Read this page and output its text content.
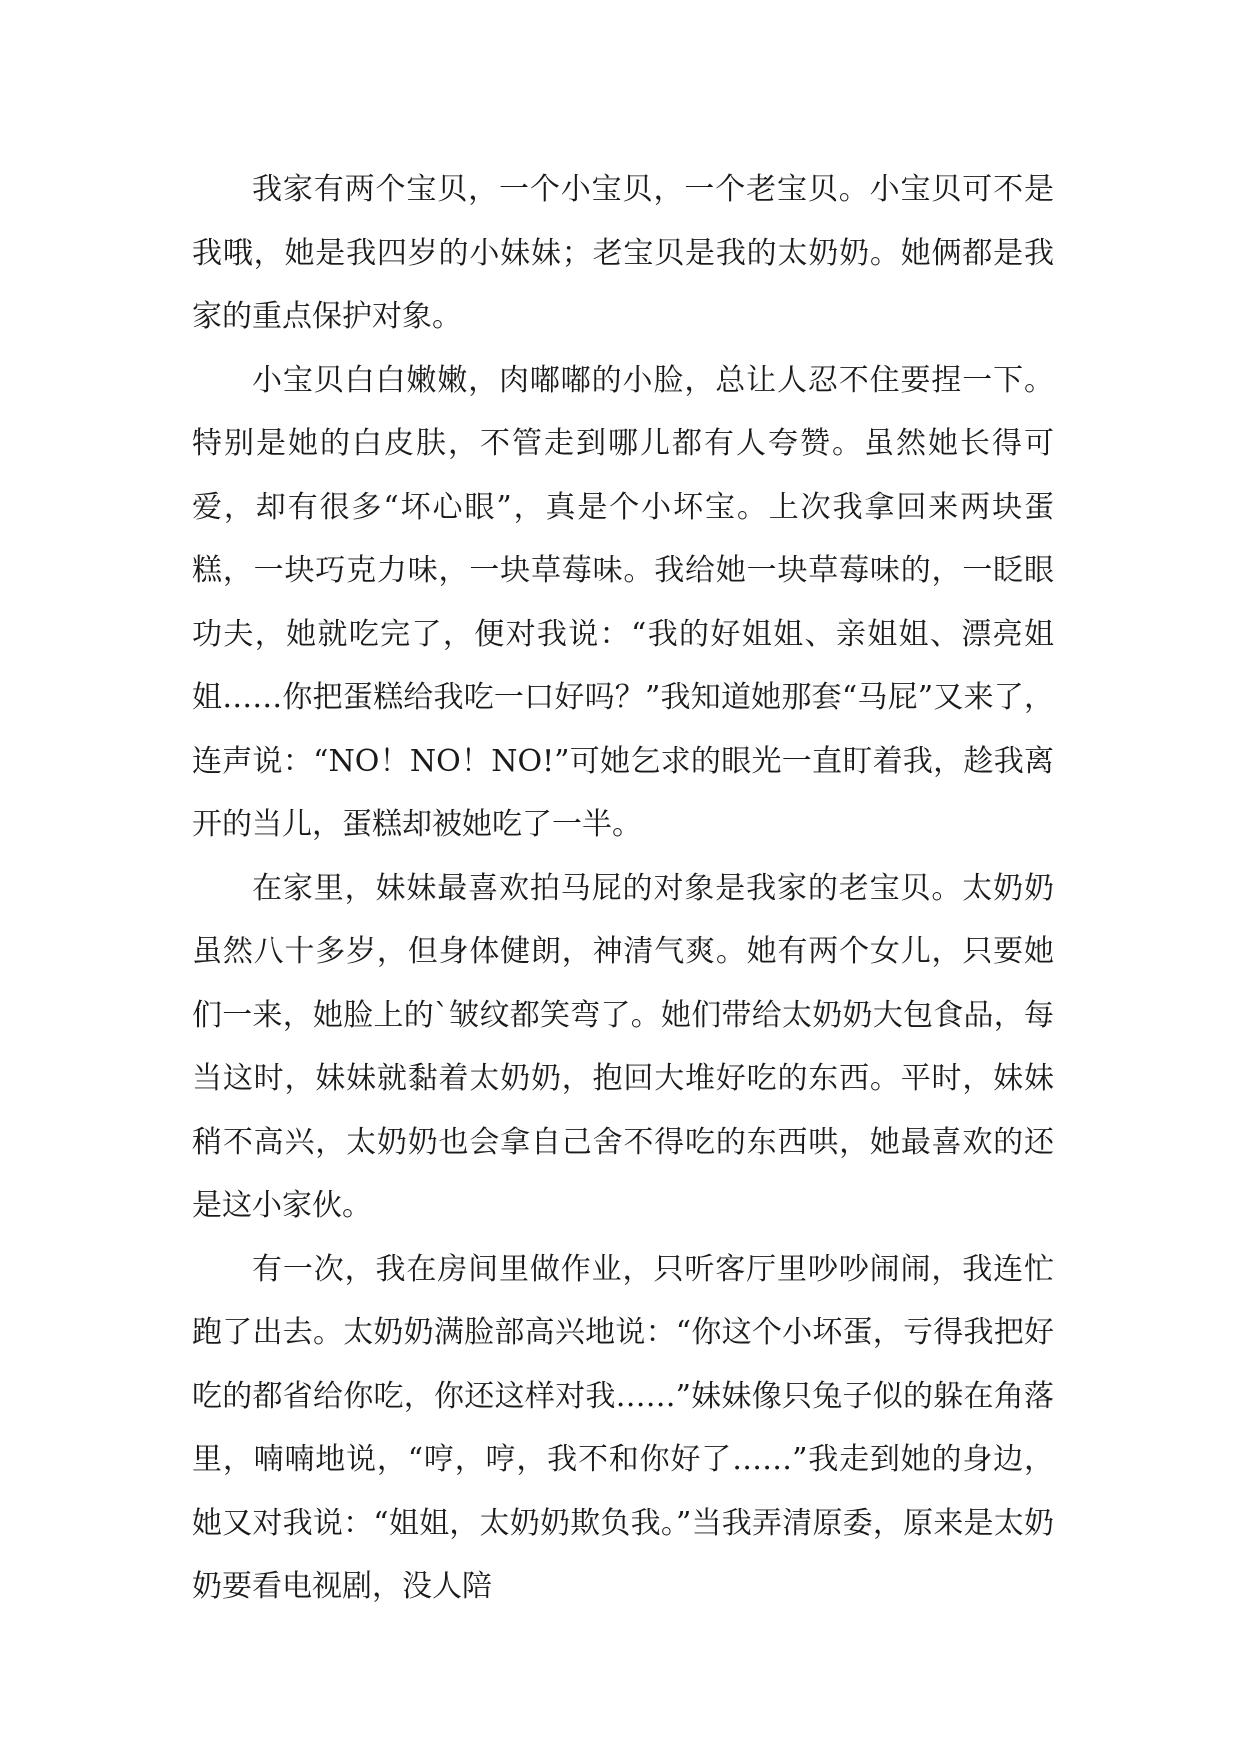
我家有两个宝贝，一个小宝贝，一个老宝贝。小宝贝可不是我哦，她是我四岁的小妹妹；老宝贝是我的太奶奶。她俩都是我家的重点保护对象。

小宝贝白白嫩嫩，肉嘟嘟的小脸，总让人忍不住要捏一下。特别是她的白皮肤，不管走到哪儿都有人夸赞。虽然她长得可爱，却有很多“坏心眼”，真是个小坏宝。上次我拿回来两块蛋糕，一块巧克力味，一块草莓味。我给她一块草莓味的，一眨眼功夫，她就吃完了，便对我说：“我的好姐姐、亲姐姐、漂亮姐姐……你把蛋糕给我吃一口好吗？”我知道她那套“马屁”又来了，连声说：“NO！NO！NO!”可她乞求的眼光一直盯着我，趁我离开的当儿，蛋糕却被她吃了一半。

在家里，妹妹最喜欢拍马屁的对象是我家的老宝贝。太奶奶虽然八十多岁，但身体健朗，神清气爽。她有两个女儿，只要她们一来，她脸上的`皱纹都笑弯了。她们带给太奶奶大包食品，每当这时，妹妹就黏着太奶奶，抱回大堆好吃的东西。平时，妹妹稍不高兴，太奶奶也会拿自己舍不得吃的东西哄，她最喜欢的还是这小家伙。

有一次，我在房间里做作业，只听客厅里吵吵闹闹，我连忙跑了出去。太奶奶满脸部高兴地说：“你这个小坏蛋，亏得我把好吃的都省给你吃，你还这样对我……”妹妹像只兔子似的躲在角落里，喃喃地说，“哼，哼，我不和你好了……”我走到她的身边，她又对我说：“姐姐，太奶奶欺负我。”当我弄清原委，原来是太奶奶要看电视剧，没人陪
